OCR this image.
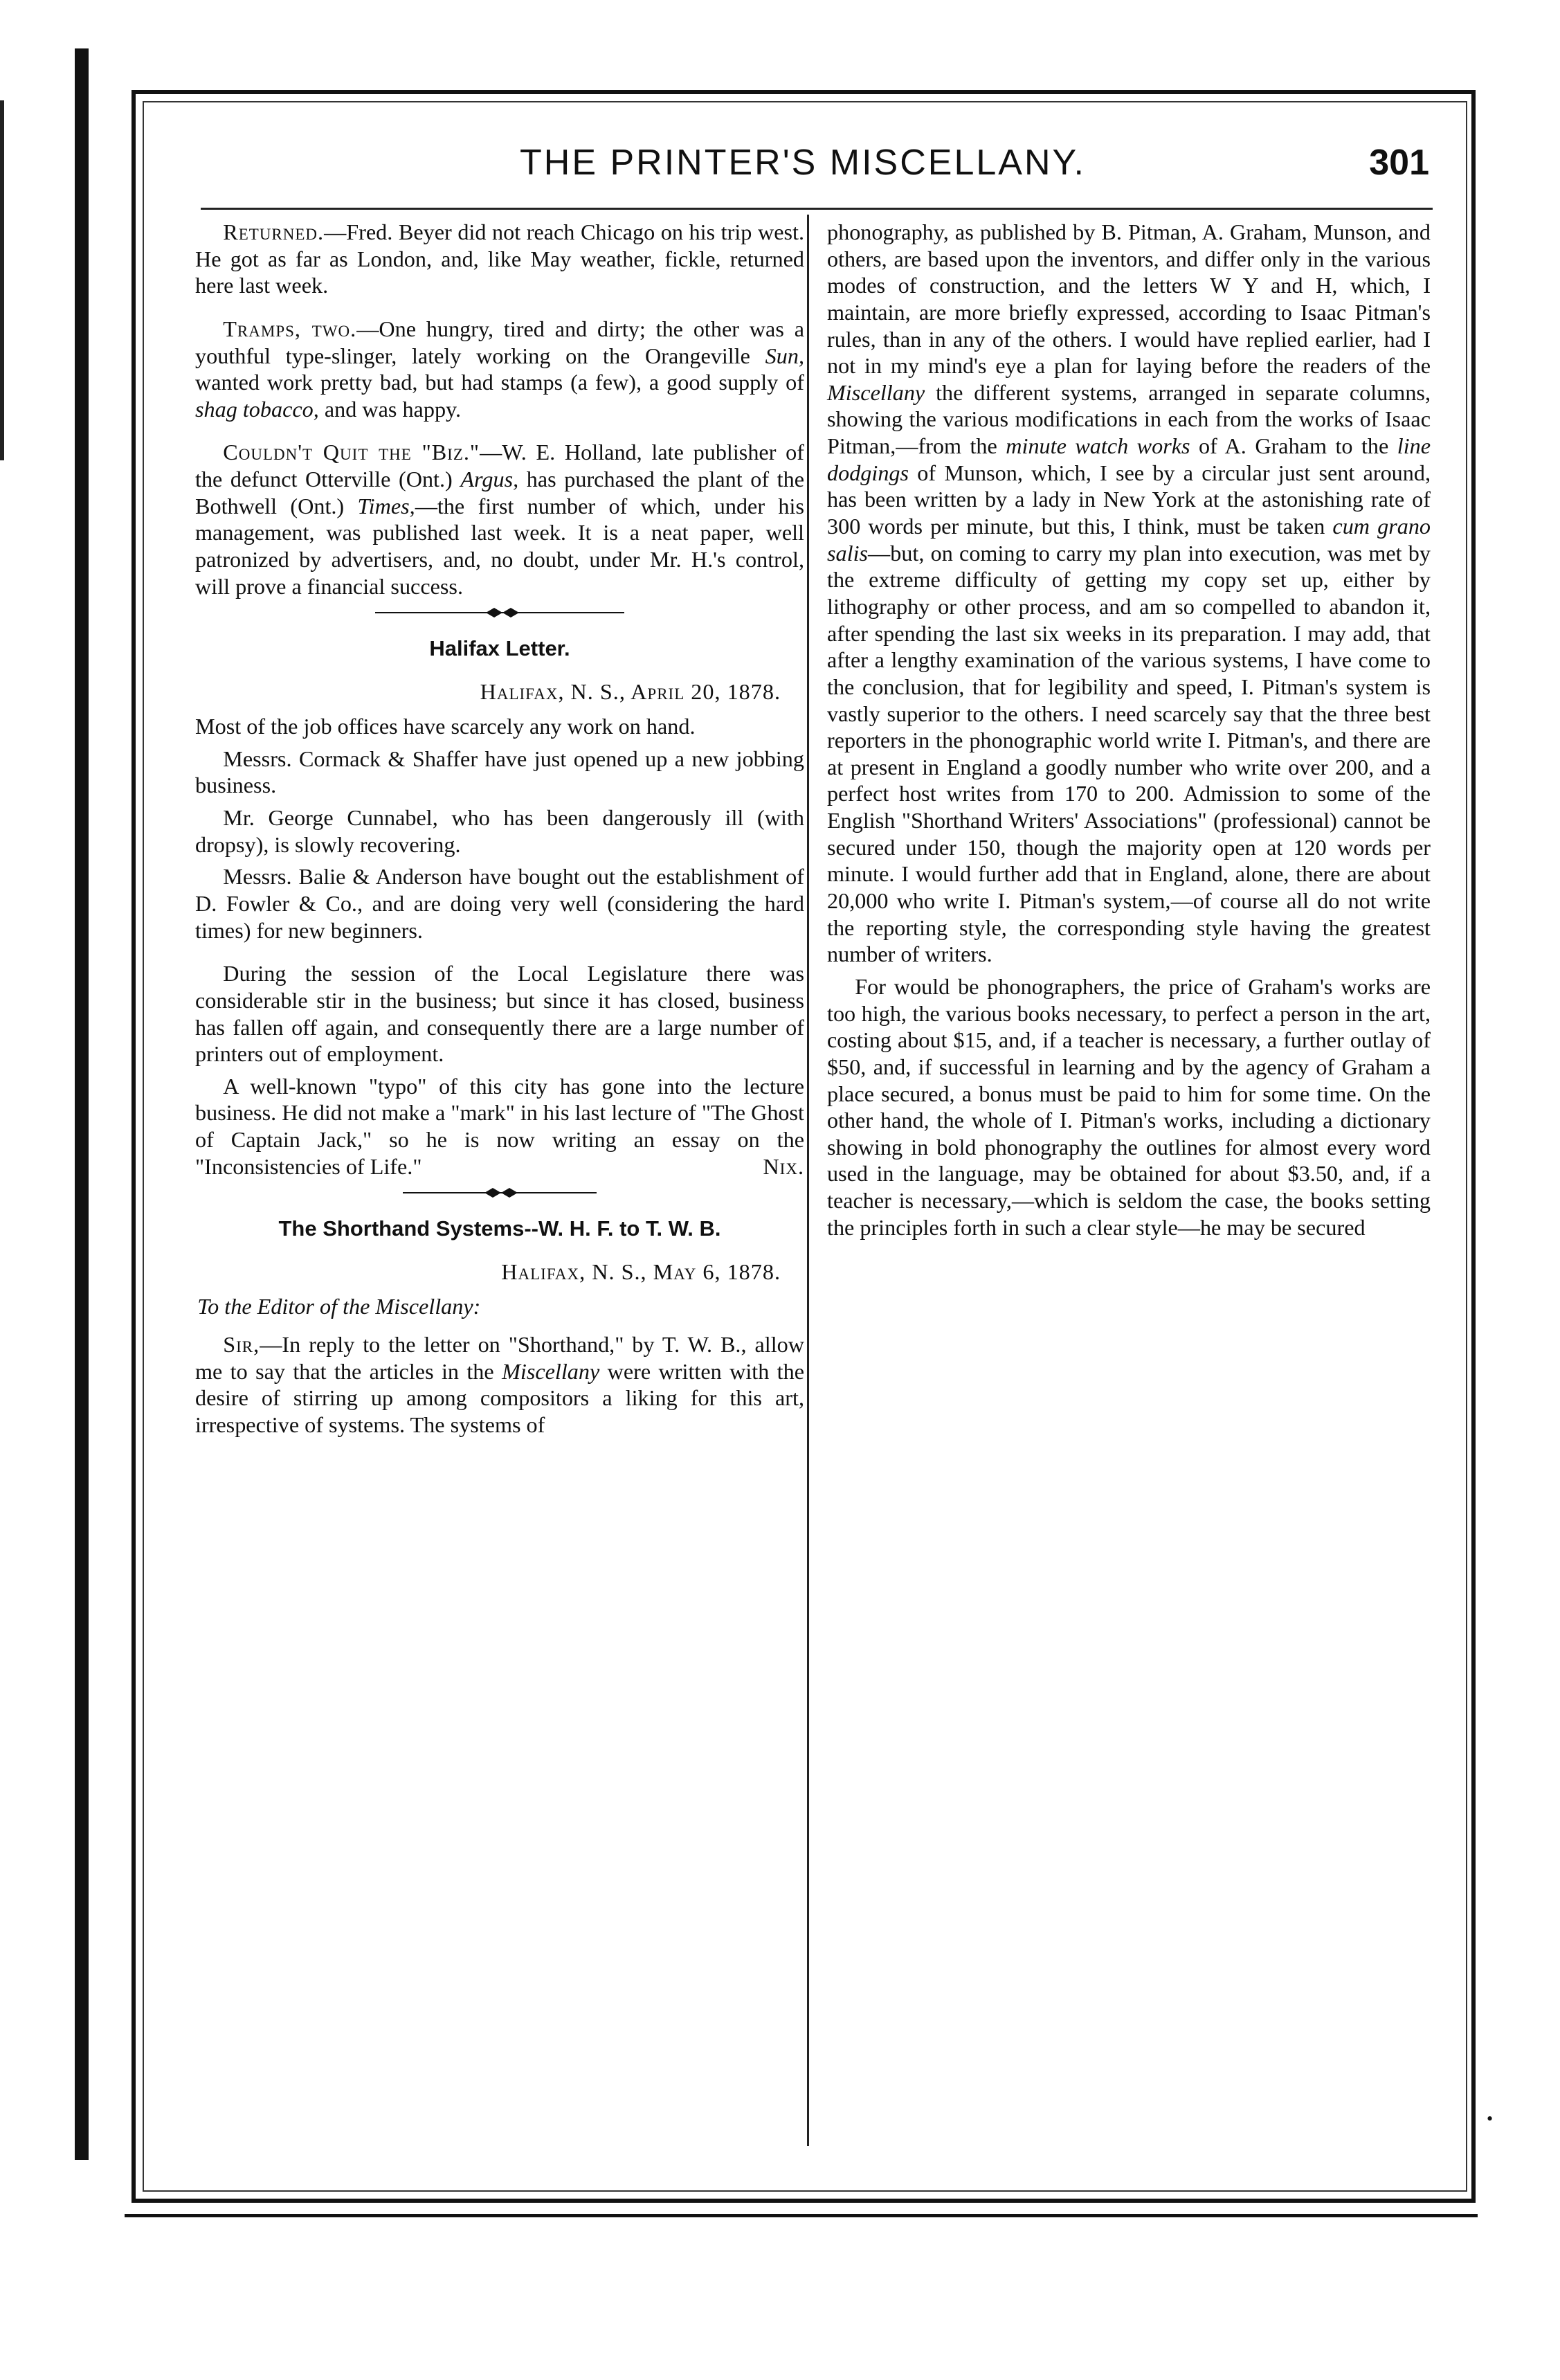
THE PRINTER'S MISCELLANY.	301

Returned.—Fred. Beyer did not reach Chicago on his trip west. He got as far as London, and, like May weather, fickle, returned here last week.

Tramps, two.—One hungry, tired and dirty; the other was a youthful type-slinger, lately working on the Orangeville Sun, wanted work pretty bad, but had stamps (a few), a good supply of shag tobacco, and was happy.

Couldn't Quit the "Biz."—W. E. Holland, late publisher of the defunct Otterville (Ont.) Argus, has purchased the plant of the Bothwell (Ont.) Times,—the first number of which, under his management, was published last week. It is a neat paper, well patronized by advertisers, and, no doubt, under Mr. H.'s control, will prove a financial success.

Halifax Letter.
Halifax, N. S., April 20, 1878.

Most of the job offices have scarcely any work on hand.

Messrs. Cormack & Shaffer have just opened up a new jobbing business.

Mr. George Cunnabel, who has been dangerously ill (with dropsy), is slowly recovering.

Messrs. Balie & Anderson have bought out the establishment of D. Fowler & Co., and are doing very well (considering the hard times) for new beginners.

During the session of the Local Legislature there was considerable stir in the business; but since it has closed, business has fallen off again, and consequently there are a large number of printers out of employment.

A well-known "typo" of this city has gone into the lecture business. He did not make a "mark" in his last lecture of "The Ghost of Captain Jack," so he is now writing an essay on the "Inconsistencies of Life."	Nix.

The Shorthand Systems--W. H. F. to T. W. B.
Halifax, N. S., May 6, 1878.
To the Editor of the Miscellany:

Sir,—In reply to the letter on "Shorthand," by T. W. B., allow me to say that the articles in the Miscellany were written with the desire of stirring up among compositors a liking for this art, irrespective of systems. The systems of

phonography, as published by B. Pitman, A. Graham, Munson, and others, are based upon the inventors, and differ only in the various modes of construction, and the letters W Y and H, which, I maintain, are more briefly expressed, according to Isaac Pitman's rules, than in any of the others. I would have replied earlier, had I not in my mind's eye a plan for laying before the readers of the Miscellany the different systems, arranged in separate columns, showing the various modifications in each from the works of Isaac Pitman,—from the minute watch works of A. Graham to the line dodgings of Munson, which, I see by a circular just sent around, has been written by a lady in New York at the astonishing rate of 300 words per minute, but this, I think, must be taken cum grano salis—but, on coming to carry my plan into execution, was met by the extreme difficulty of getting my copy set up, either by lithography or other process, and am so compelled to abandon it, after spending the last six weeks in its preparation. I may add, that after a lengthy examination of the various systems, I have come to the conclusion, that for legibility and speed, I. Pitman's system is vastly superior to the others. I need scarcely say that the three best reporters in the phonographic world write I. Pitman's, and there are at present in England a goodly number who write over 200, and a perfect host writes from 170 to 200. Admission to some of the English "Shorthand Writers' Associations" (professional) cannot be secured under 150, though the majority open at 120 words per minute. I would further add that in England, alone, there are about 20,000 who write I. Pitman's system,—of course all do not write the reporting style, the corresponding style having the greatest number of writers.

For would be phonographers, the price of Graham's works are too high, the various books necessary, to perfect a person in the art, costing about $15, and, if a teacher is necessary, a further outlay of $50, and, if successful in learning and by the agency of Graham a place secured, a bonus must be paid to him for some time. On the other hand, the whole of I. Pitman's works, including a dictionary showing in bold phonography the outlines for almost every word used in the language, may be obtained for about $3.50, and, if a teacher is necessary,—which is seldom the case, the books setting the principles forth in such a clear style—he may be secured

•
